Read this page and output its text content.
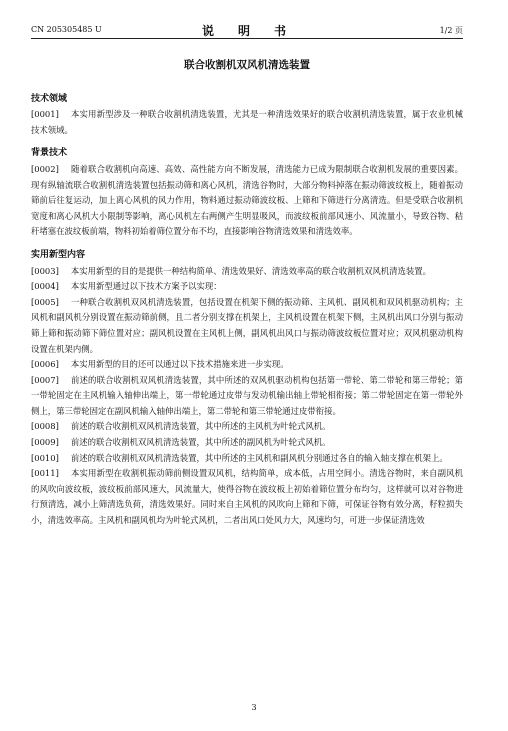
CN 205305485 U	说　明　书	1/2 页
联合收割机双风机清选装置
技术领域

[0001] 本实用新型涉及一种联合收割机清选装置，尤其是一种清选效果好的联合收割机清选装置，属于农业机械技术领域。

背景技术

[0002] 随着联合收割机向高速、高效、高性能方向不断发展，清选能力已成为限制联合收割机发展的重要因素。现有纵轴流联合收割机清选装置包括振动筛和离心风机，清选谷物时，大部分物料掉落在振动筛波纹板上，随着振动筛前后往复运动，加上离心风机的风力作用，物料通过振动筛波纹板、上筛和下筛进行分离清选。但是受联合收割机宽度和离心风机大小限制等影响，离心风机左右两侧产生明显吸风，而波纹板前部风速小、风流量小，导致谷物、秸秆堵塞在波纹板前端，物料初始着筛位置分布不均，直接影响谷物清选效果和清选效率。

实用新型内容

[0003] 本实用新型的目的是提供一种结构简单、清选效果好、清选效率高的联合收割机双风机清选装置。

[0004] 本实用新型通过以下技术方案予以实现：

[0005] 一种联合收割机双风机清选装置，包括设置在机架下侧的振动筛、主风机、副风机和双风机驱动机构；主风机和副风机分别设置在振动筛前侧，且二者分别支撑在机架上，主风机设置在机架下侧，主风机出风口分别与振动筛上筛和振动筛下筛位置对应；副风机设置在主风机上侧，副风机出风口与振动筛波纹板位置对应；双风机驱动机构设置在机架内侧。

[0006] 本实用新型的目的还可以通过以下技术措施来进一步实现。

[0007] 前述的联合收割机双风机清选装置，其中所述的双风机驱动机构包括第一带轮、第二带轮和第三带轮；第一带轮固定在主风机输入轴伸出端上，第一带轮通过皮带与发动机输出轴上带轮相衔接；第二带轮固定在第一带轮外侧上，第三带轮固定在副风机输入轴伸出端上，第二带轮和第三带轮通过皮带衔接。

[0008] 前述的联合收割机双风机清选装置，其中所述的主风机为叶轮式风机。

[0009] 前述的联合收割机双风机清选装置，其中所述的副风机为叶轮式风机。

[0010] 前述的联合收割机双风机清选装置，其中所述的主风机和副风机分别通过各自的输入轴支撑在机架上。

[0011] 本实用新型在收割机振动筛前侧设置双风机，结构简单，成本低，占用空间小。清选谷物时，来自副风机的风吹向波纹板，波纹板前部风速大，风流量大，使得谷物在波纹板上初始着筛位置分布均匀，这样就可以对谷物进行预清选，减小上筛清选负荷，清选效果好。同时来自主风机的风吹向上筛和下筛，可保证谷物有效分离，籽粒损失小，清选效率高。主风机和副风机均为叶轮式风机，二者出风口处风力大，风速均匀，可进一步保证清选效

3
